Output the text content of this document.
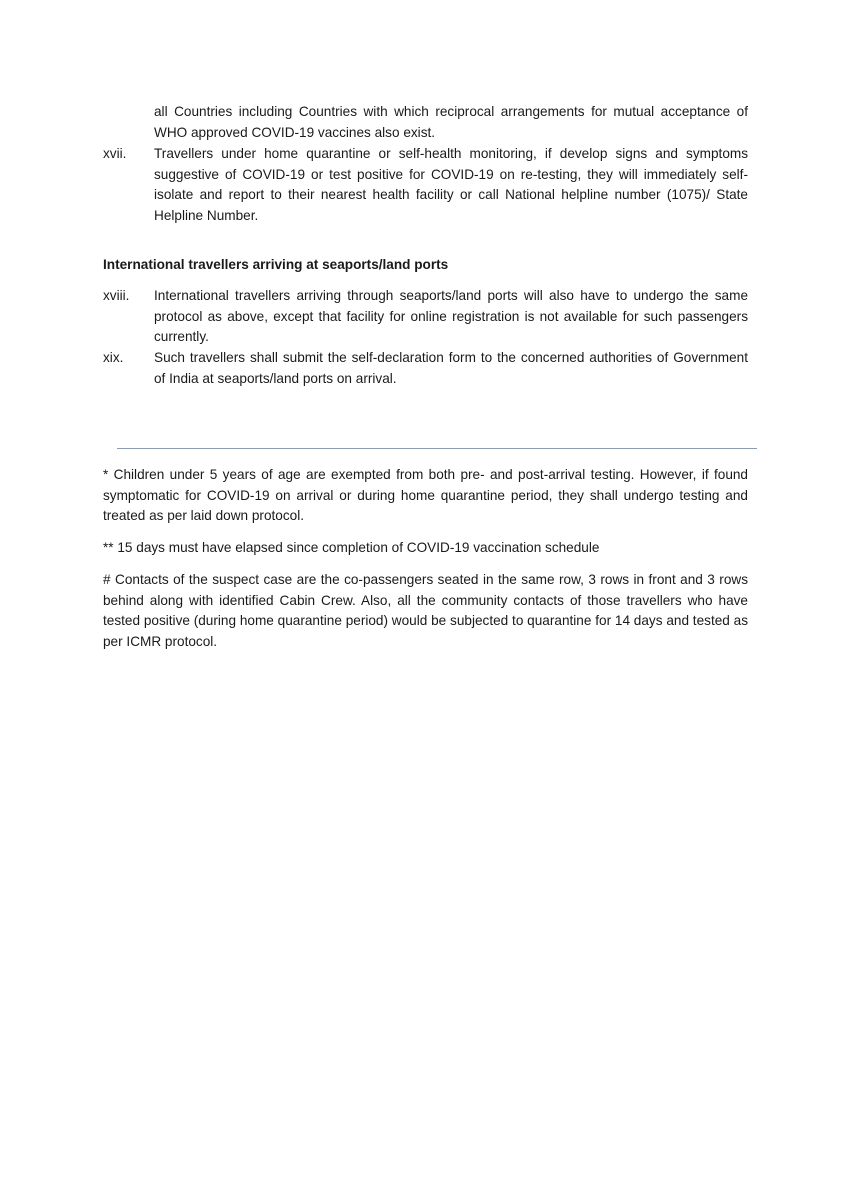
all Countries including Countries with which reciprocal arrangements for mutual acceptance of WHO approved COVID-19 vaccines also exist.
xvii.	Travellers under home quarantine or self-health monitoring, if develop signs and symptoms suggestive of COVID-19 or test positive for COVID-19 on re-testing, they will immediately self-isolate and report to their nearest health facility or call National helpline number (1075)/ State Helpline Number.
International travellers arriving at seaports/land ports
xviii.	International travellers arriving through seaports/land ports will also have to undergo the same protocol as above, except that facility for online registration is not available for such passengers currently.
xix.	Such travellers shall submit the self-declaration form to the concerned authorities of Government of India at seaports/land ports on arrival.
* Children under 5 years of age are exempted from both pre- and post-arrival testing. However, if found symptomatic for COVID-19 on arrival or during home quarantine period, they shall undergo testing and treated as per laid down protocol.
** 15 days must have elapsed since completion of COVID-19 vaccination schedule
# Contacts of the suspect case are the co-passengers seated in the same row, 3 rows in front and 3 rows behind along with identified Cabin Crew. Also, all the community contacts of those travellers who have tested positive (during home quarantine period) would be subjected to quarantine for 14 days and tested as per ICMR protocol.
